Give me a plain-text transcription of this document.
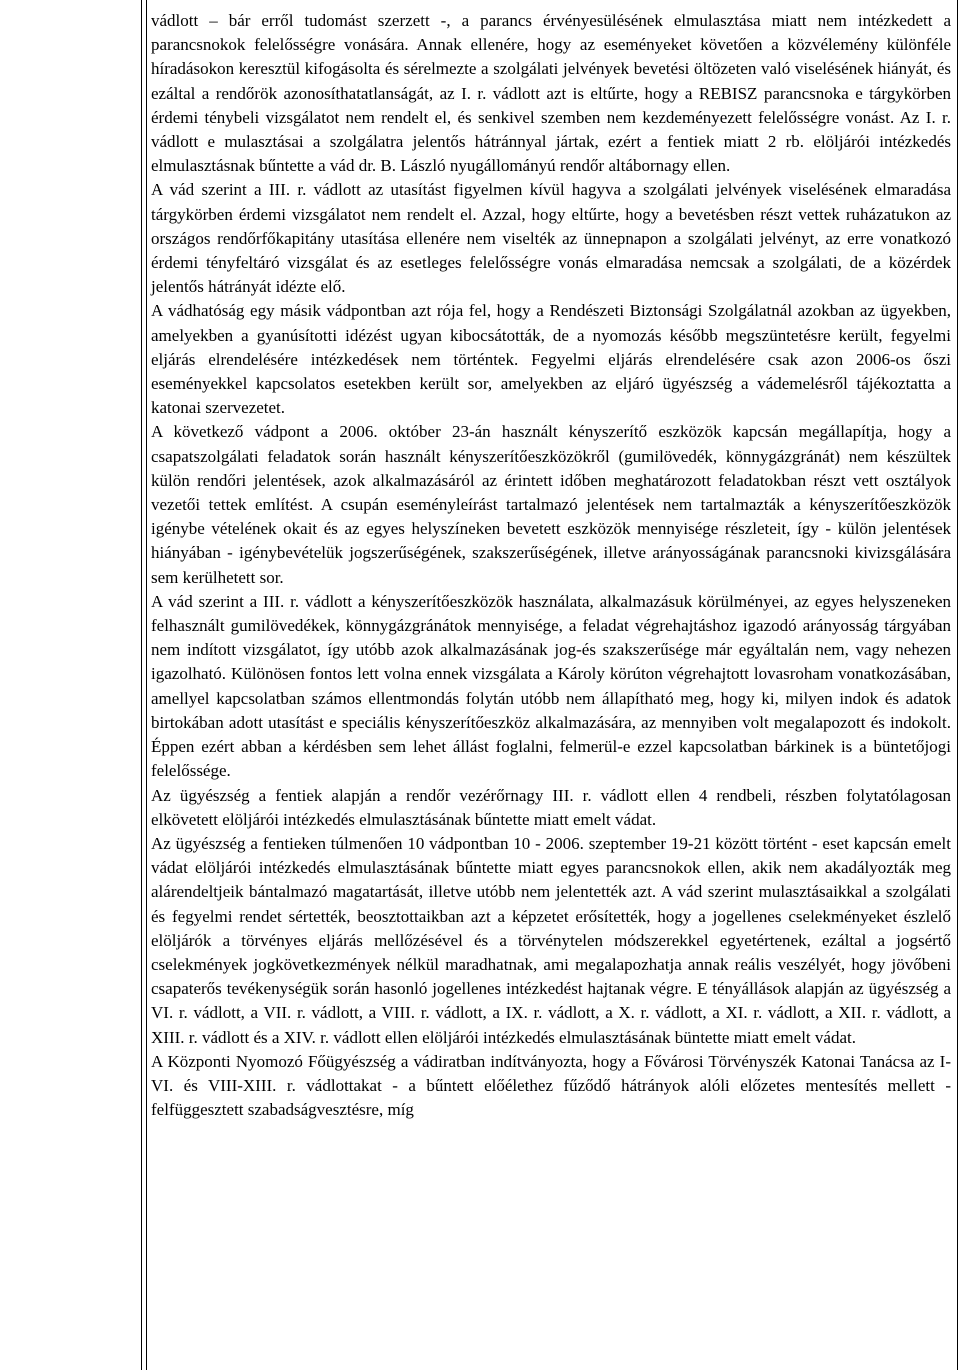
vádlott – bár erről tudomást szerzett -, a parancs érvényesülésének elmulasztása miatt nem intézkedett a parancsnokok felelősségre vonására. Annak ellenére, hogy az eseményeket követően a közvélemény különféle híradásokon keresztül kifogásolta és sérelmezte a szolgálati jelvények bevetési öltözeten való viselésének hiányát, és ezáltal a rendőrök azonosíthatatlanságát, az I. r. vádlott azt is eltűrte, hogy a REBISZ parancsnoka e tárgykörben érdemi ténybeli vizsgálatot nem rendelt el, és senkivel szemben nem kezdeményezett felelősségre vonást. Az I. r. vádlott e mulasztásai a szolgálatra jelentős hátránnyal jártak, ezért a fentiek miatt 2 rb. elöljárói intézkedés elmulasztásnak bűntette a vád dr. B. László nyugállományú rendőr altábornagy ellen.

A vád szerint a III. r. vádlott az utasítást figyelmen kívül hagyva a szolgálati jelvények viselésének elmaradása tárgykörben érdemi vizsgálatot nem rendelt el. Azzal, hogy eltűrte, hogy a bevetésben részt vettek ruházatukon az országos rendőrfőkapitány utasítása ellenére nem viselték az ünnepnapon a szolgálati jelvényt, az erre vonatkozó érdemi tényfeltáró vizsgálat és az esetleges felelősségre vonás elmaradása nemcsak a szolgálati, de a közérdek jelentős hátrányát idézte elő.

A vádhatóság egy másik vádpontban azt rója fel, hogy a Rendészeti Biztonsági Szolgálatnál azokban az ügyekben, amelyekben a gyanúsítotti idézést ugyan kibocsátották, de a nyomozás később megszüntetésre került, fegyelmi eljárás elrendelésére intézkedések nem történtek. Fegyelmi eljárás elrendelésére csak azon 2006-os őszi eseményekkel kapcsolatos esetekben került sor, amelyekben az eljáró ügyészség a vádemelésről tájékoztatta a katonai szervezetet.

A következő vádpont a 2006. október 23-án használt kényszerítő eszközök kapcsán megállapítja, hogy a csapatszolgálati feladatok során használt kényszerítőeszközökről (gumilövedék, könnygázgránát) nem készültek külön rendőri jelentések, azok alkalmazásáról az érintett időben meghatározott feladatokban részt vett osztályok vezetői tettek említést. A csupán eseményleírást tartalmazó jelentések nem tartalmazták a kényszerítőeszközök igénybe vételének okait és az egyes helyszíneken bevetett eszközök mennyisége részleteit, így - külön jelentések hiányában - igénybevételük jogszerűségének, szakszerűségének, illetve arányosságának parancsnoki kivizsgálására sem kerülhetett sor.

A vád szerint a III. r. vádlott a kényszerítőeszközök használata, alkalmazásuk körülményei, az egyes helyszeneken felhasznált gumilövedékek, könnygázgránátok mennyisége, a feladat végrehajtáshoz igazodó arányosság tárgyában nem indított vizsgálatot, így utóbb azok alkalmazásának jog-és szakszerűsége már egyáltalán nem, vagy nehezen igazolható. Különösen fontos lett volna ennek vizsgálata a Károly körúton végrehajtott lovasroham vonatkozásában, amellyel kapcsolatban számos ellentmondás folytán utóbb nem állapítható meg, hogy ki, milyen indok és adatok birtokában adott utasítást e speciális kényszerítőeszköz alkalmazására, az mennyiben volt megalapozott és indokolt. Éppen ezért abban a kérdésben sem lehet állást foglalni, felmerül-e ezzel kapcsolatban bárkinek is a büntetőjogi felelőssége.

Az ügyészség a fentiek alapján a rendőr vezérőrnagy III. r. vádlott ellen 4 rendbeli, részben folytatólagosan elkövetett elöljárói intézkedés elmulasztásának bűntette miatt emelt vádat.

Az ügyészség a fentieken túlmenően 10 vádpontban 10 - 2006. szeptember 19-21 között történt - eset kapcsán emelt vádat elöljárói intézkedés elmulasztásának bűntette miatt egyes parancsnokok ellen, akik nem akadályozták meg alárendeltjeik bántalmazó magatartását, illetve utóbb nem jelentették azt. A vád szerint mulasztásaikkal a szolgálati és fegyelmi rendet sértették, beosztottaikban azt a képzetet erősítették, hogy a jogellenes cselekményeket észlelő elöljárók a törvényes eljárás mellőzésével és a törvénytelen módszerekkel egyetértenek, ezáltal a jogsértő cselekmények jogkövetkezmények nélkül maradhatnak, ami megalapozhatja annak reális veszélyét, hogy jövőbeni csapaterős tevékenységük során hasonló jogellenes intézkedést hajtanak végre. E tényállások alapján az ügyészség a VI. r. vádlott, a VII. r. vádlott, a VIII. r. vádlott, a IX. r. vádlott, a X. r. vádlott, a XI. r. vádlott, a XII. r. vádlott, a XIII. r. vádlott és a XIV. r. vádlott ellen elöljárói intézkedés elmulasztásának büntette miatt emelt vádat.

A Központi Nyomozó Főügyészség a vádiratban indítványozta, hogy a Fővárosi Törvényszék Katonai Tanácsa az I-VI. és VIII-XIII. r. vádlottakat - a bűntett előélethez fűződő hátrányok alóli előzetes mentesítés mellett - felfüggesztett szabadságvesztésre, míg
